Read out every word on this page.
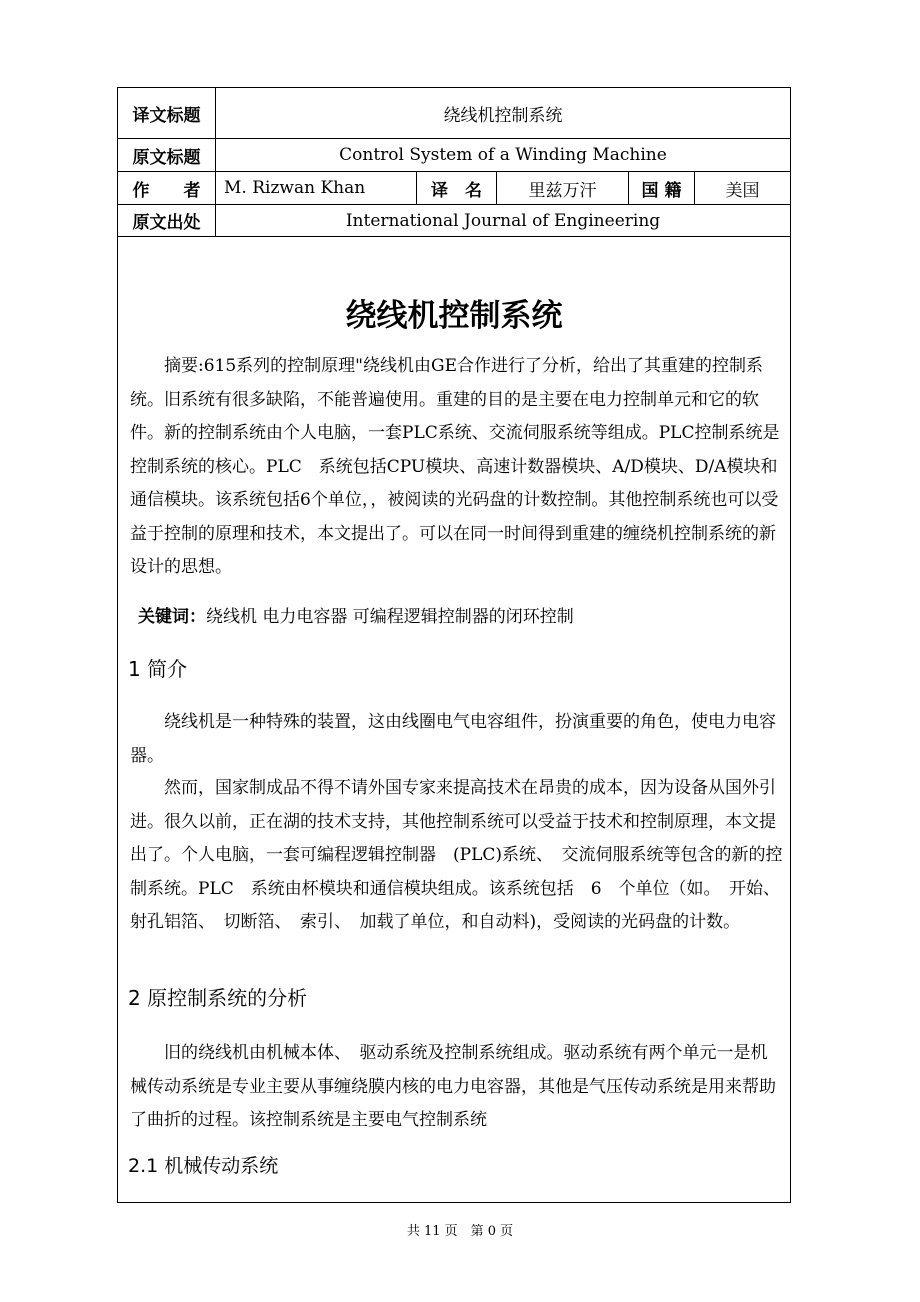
译文标题	绕线机控制系统
原文标题	Control System of a Winding Machine
作　　者	M. Rizwan Khan	译　名	里兹万汗	国 籍	美国
原文出处	International Journal of Engineering
绕线机控制系统

摘要:615系列的控制原理"绕线机由GE合作进行了分析，给出了其重建的控制系统。旧系统有很多缺陷，不能普遍使用。重建的目的是主要在电力控制单元和它的软件。新的控制系统由个人电脑，一套PLC系统、交流伺服系统等组成。PLC控制系统是控制系统的核心。PLC　系统包括CPU模块、高速计数器模块、A/D模块、D/A模块和通信模块。该系统包括6个单位，，被阅读的光码盘的计数控制。其他控制系统也可以受益于控制的原理和技术，本文提出了。可以在同一时间得到重建的缠绕机控制系统的新设计的思想。

关键词：绕线机 电力电容器 可编程逻辑控制器的闭环控制
1 简介

绕线机是一种特殊的装置，这由线圈电气电容组件，扮演重要的角色，使电力电容器。

然而，国家制成品不得不请外国专家来提高技术在昂贵的成本，因为设备从国外引进。很久以前，正在湖的技术支持，其他控制系统可以受益于技术和控制原理，本文提出了。个人电脑，一套可编程逻辑控制器　(PLC)系统、　交流伺服系统等包含的新的控制系统。PLC　系统由杯模块和通信模块组成。该系统包括　6　个单位（如。　开始、射孔铝箔、　切断箔、　索引、　加载了单位，和自动料)，受阅读的光码盘的计数。

2 原控制系统的分析

旧的绕线机由机械本体、　驱动系统及控制系统组成。驱动系统有两个单元一是机械传动系统是专业主要从事缠绕膜内核的电力电容器，其他是气压传动系统是用来帮助了曲折的过程。该控制系统是主要电气控制系统

2.1 机械传动系统
共 11 页　第 0 页
